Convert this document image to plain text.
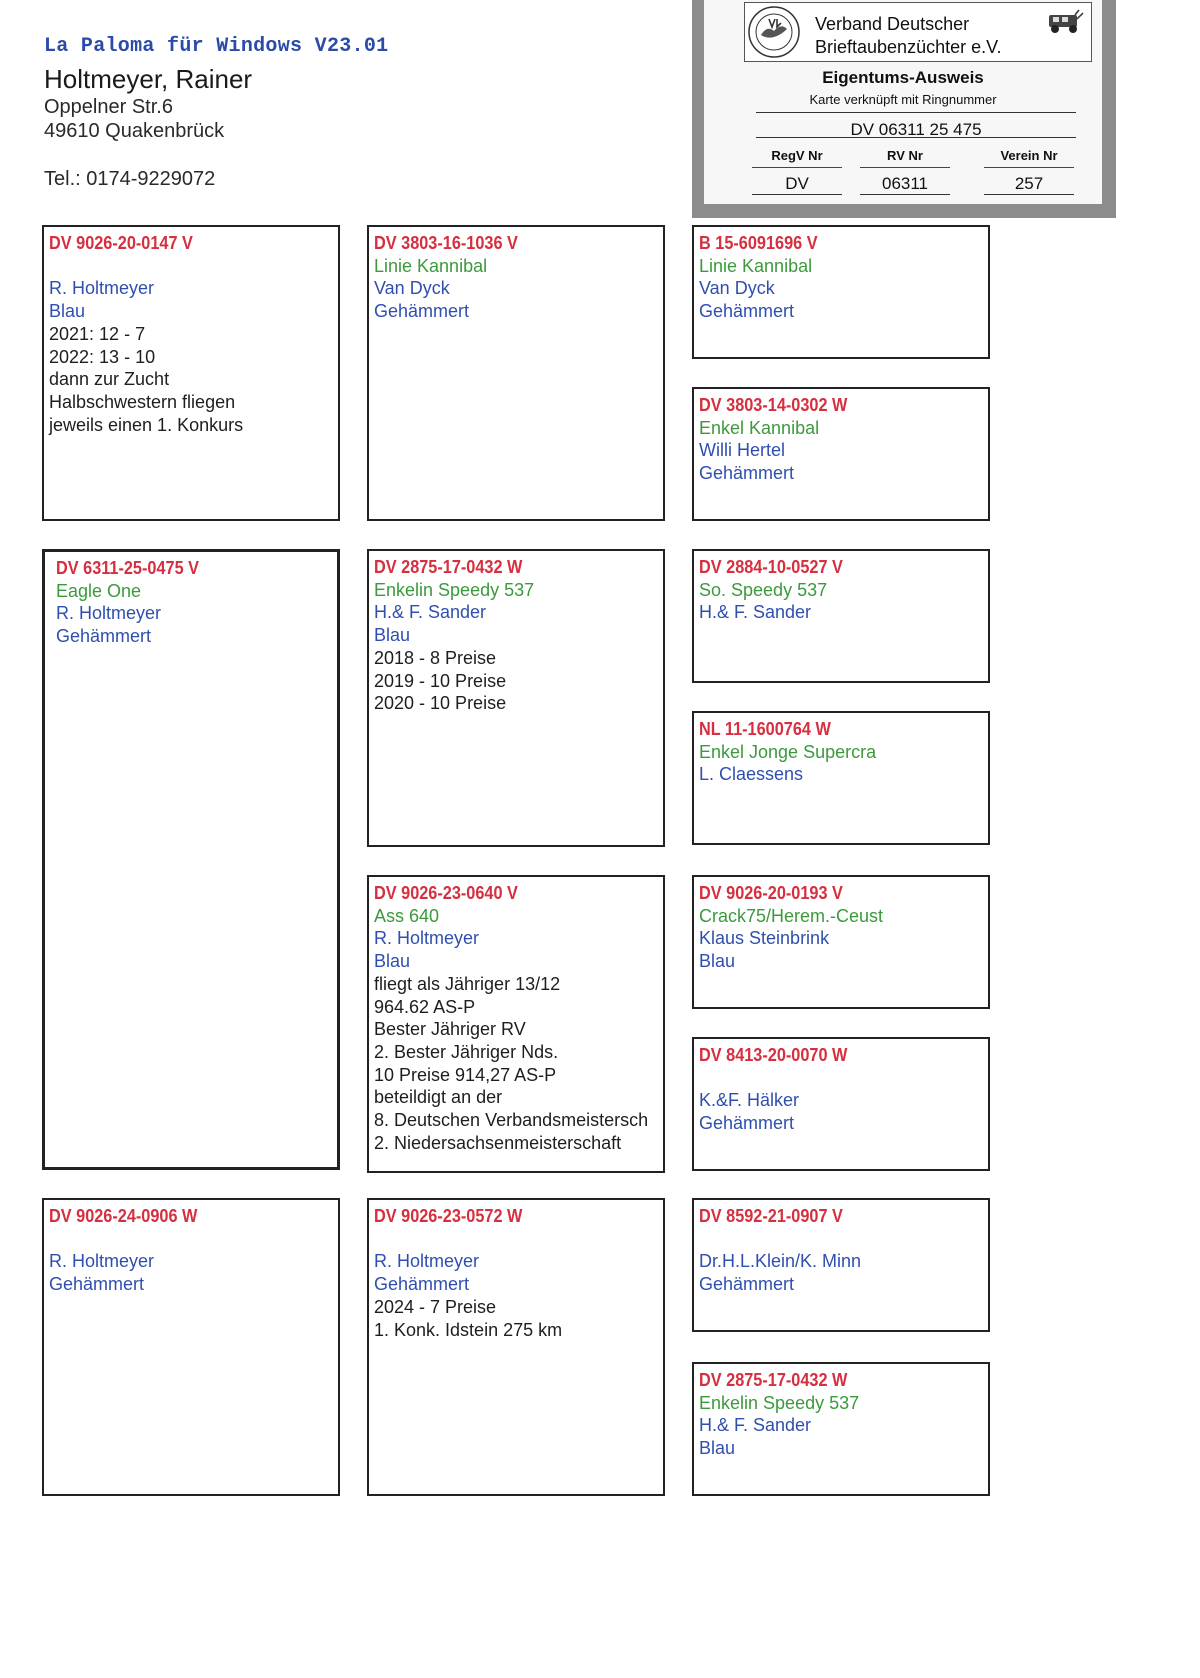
La Paloma für Windows V23.01
Holtmeyer, Rainer
Oppelner Str.6
49610 Quakenbrück
Tel.: 0174-9229072
Verband Deutscher
Brieftaubenzüchter e.V.
Eigentums-Ausweis
Karte verknüpft mit Ringnummer
DV 06311 25 475
RegV Nr
DV
RV Nr
06311
Verein Nr
257
DV 9026-20-0147 V
R. Holtmeyer
Blau
2021: 12 - 7
2022: 13 - 10
dann zur Zucht
Halbschwestern fliegen
jeweils einen 1. Konkurs
DV 6311-25-0475 V
Eagle One
R. Holtmeyer
Gehämmert
DV 9026-24-0906 W
R. Holtmeyer
Gehämmert
DV 3803-16-1036 V
Linie Kannibal
Van Dyck
Gehämmert
DV 2875-17-0432 W
Enkelin Speedy 537
H.& F. Sander
Blau
2018 - 8 Preise
2019 - 10 Preise
2020 - 10 Preise
DV 9026-23-0640 V
Ass 640
R. Holtmeyer
Blau
fliegt als Jähriger 13/12
964.62 AS-P
Bester Jähriger RV
2. Bester Jähriger Nds.
10 Preise 914,27 AS-P
beteildigt an der
8. Deutschen Verbandsmeistersch
2. Niedersachsenmeisterschaft
DV 9026-23-0572 W
R. Holtmeyer
Gehämmert
2024 - 7 Preise
1. Konk. Idstein 275 km
B 15-6091696 V
Linie Kannibal
Van Dyck
Gehämmert
DV 3803-14-0302 W
Enkel Kannibal
Willi Hertel
Gehämmert
DV 2884-10-0527 V
So. Speedy 537
H.& F. Sander
NL 11-1600764 W
Enkel Jonge Supercra
L. Claessens
DV 9026-20-0193 V
Crack75/Herem.-Ceust
Klaus Steinbrink
Blau
DV 8413-20-0070 W
K.&F. Hälker
Gehämmert
DV 8592-21-0907 V
Dr.H.L.Klein/K. Minn
Gehämmert
DV 2875-17-0432 W
Enkelin Speedy 537
H.& F. Sander
Blau
